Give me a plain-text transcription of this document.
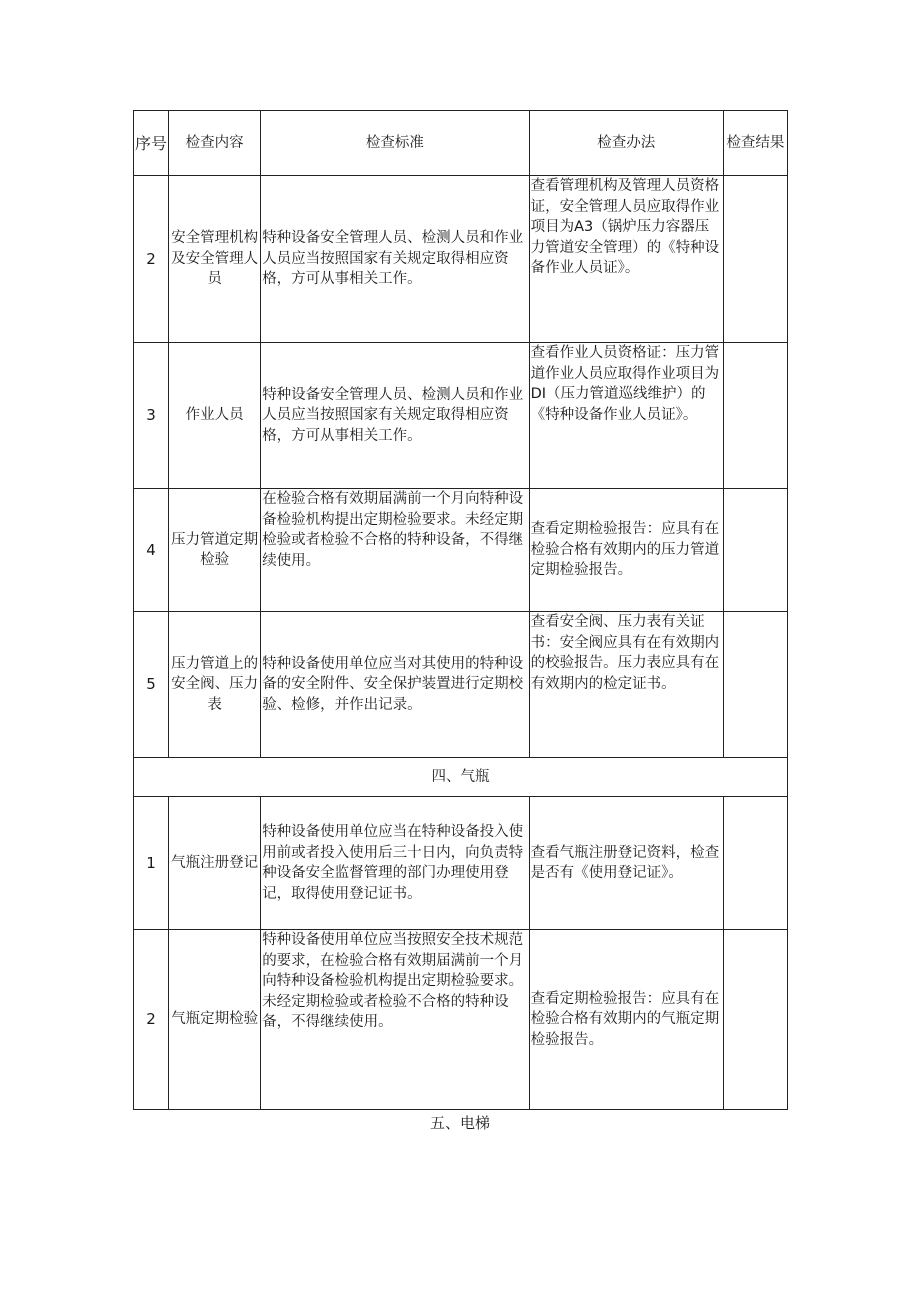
序号	检查内容	检查标准	检查办法	检查结果
2	安全管理机构及安全管理人员	特种设备安全管理人员、检测人员和作业人员应当按照国家有关规定取得相应资格，方可从事相关工作。	查看管理机构及管理人员资格证，安全管理人员应取得作业项目为A3（锅炉压力容器压力管道安全管理）的《特种设备作业人员证》。	
3	作业人员	特种设备安全管理人员、检测人员和作业人员应当按照国家有关规定取得相应资格，方可从事相关工作。	查看作业人员资格证：压力管道作业人员应取得作业项目为DI（压力管道巡线维护）的《特种设备作业人员证》。	
4	压力管道定期检验	在检验合格有效期届满前一个月向特种设备检验机构提出定期检验要求。未经定期检验或者检验不合格的特种设备，不得继续使用。	查看定期检验报告：应具有在检验合格有效期内的压力管道定期检验报告。	
5	压力管道上的安全阀、压力表	特种设备使用单位应当对其使用的特种设备的安全附件、安全保护装置进行定期校验、检修，并作出记录。	查看安全阀、压力表有关证书：安全阀应具有在有效期内的校验报告。压力表应具有在有效期内的检定证书。	
四、气瓶				
1	气瓶注册登记	特种设备使用单位应当在特种设备投入使用前或者投入使用后三十日内，向负责特种设备安全监督管理的部门办理使用登记，取得使用登记证书。	查看气瓶注册登记资料，检查是否有《使用登记证》。	
2	气瓶定期检验	特种设备使用单位应当按照安全技术规范的要求，在检验合格有效期届满前一个月向特种设备检验机构提出定期检验要求。未经定期检验或者检验不合格的特种设备，不得继续使用。	查看定期检验报告：应具有在检验合格有效期内的气瓶定期检验报告。	
五、电梯
